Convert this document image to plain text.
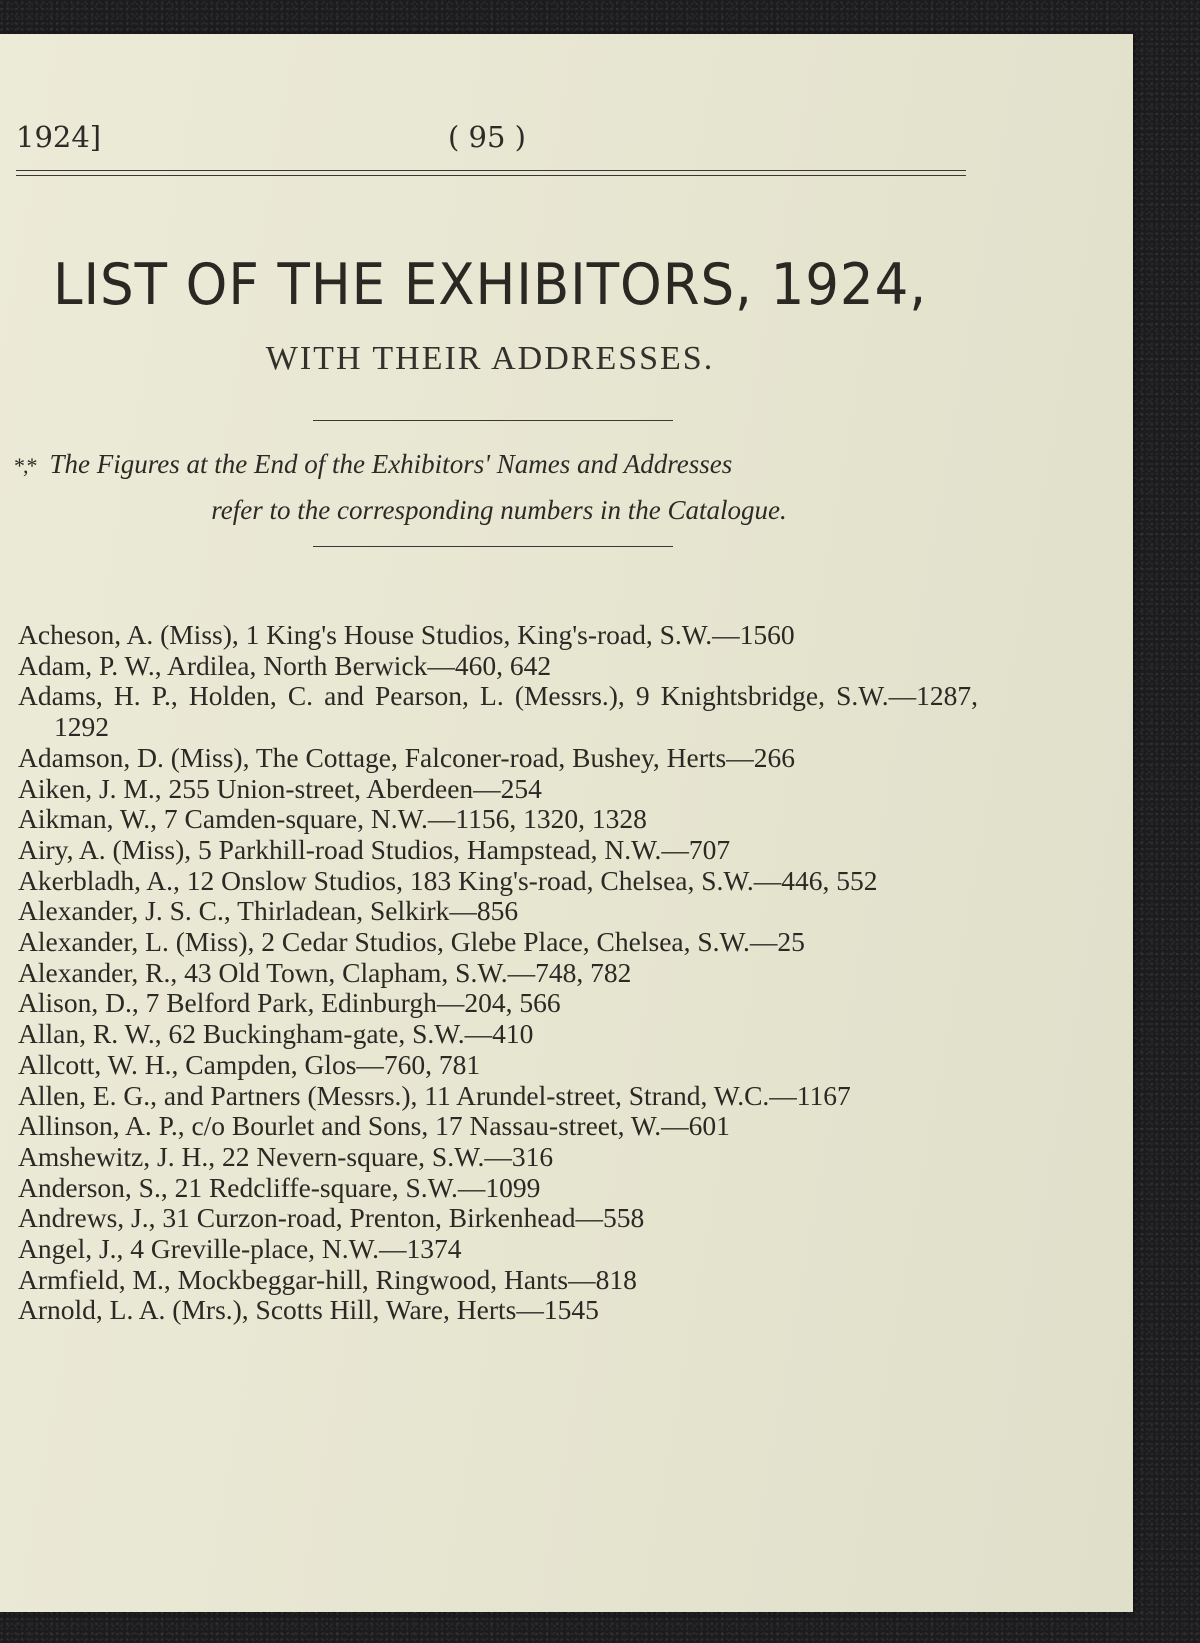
1924]	( 95 )
LIST OF THE EXHIBITORS, 1924,
WITH THEIR ADDRESSES.
*,* The Figures at the End of the Exhibitors' Names and Addresses
refer to the corresponding numbers in the Catalogue.
Acheson, A. (Miss), 1 King's House Studios, King's-road, S.W.—1560
Adam, P. W., Ardilea, North Berwick—460, 642
Adams, H. P., Holden, C. and Pearson, L. (Messrs.), 9 Knightsbridge, S.W.—1287, 1292
Adamson, D. (Miss), The Cottage, Falconer-road, Bushey, Herts—266
Aiken, J. M., 255 Union-street, Aberdeen—254
Aikman, W., 7 Camden-square, N.W.—1156, 1320, 1328
Airy, A. (Miss), 5 Parkhill-road Studios, Hampstead, N.W.—707
Akerbladh, A., 12 Onslow Studios, 183 King's-road, Chelsea, S.W.—446, 552
Alexander, J. S. C., Thirladean, Selkirk—856
Alexander, L. (Miss), 2 Cedar Studios, Glebe Place, Chelsea, S.W.—25
Alexander, R., 43 Old Town, Clapham, S.W.—748, 782
Alison, D., 7 Belford Park, Edinburgh—204, 566
Allan, R. W., 62 Buckingham-gate, S.W.—410
Allcott, W. H., Campden, Glos—760, 781
Allen, E. G., and Partners (Messrs.), 11 Arundel-street, Strand, W.C.—1167
Allinson, A. P., c/o Bourlet and Sons, 17 Nassau-street, W.—601
Amshewitz, J. H., 22 Nevern-square, S.W.—316
Anderson, S., 21 Redcliffe-square, S.W.—1099
Andrews, J., 31 Curzon-road, Prenton, Birkenhead—558
Angel, J., 4 Greville-place, N.W.—1374
Armfield, M., Mockbeggar-hill, Ringwood, Hants—818
Arnold, L. A. (Mrs.), Scotts Hill, Ware, Herts—1545
